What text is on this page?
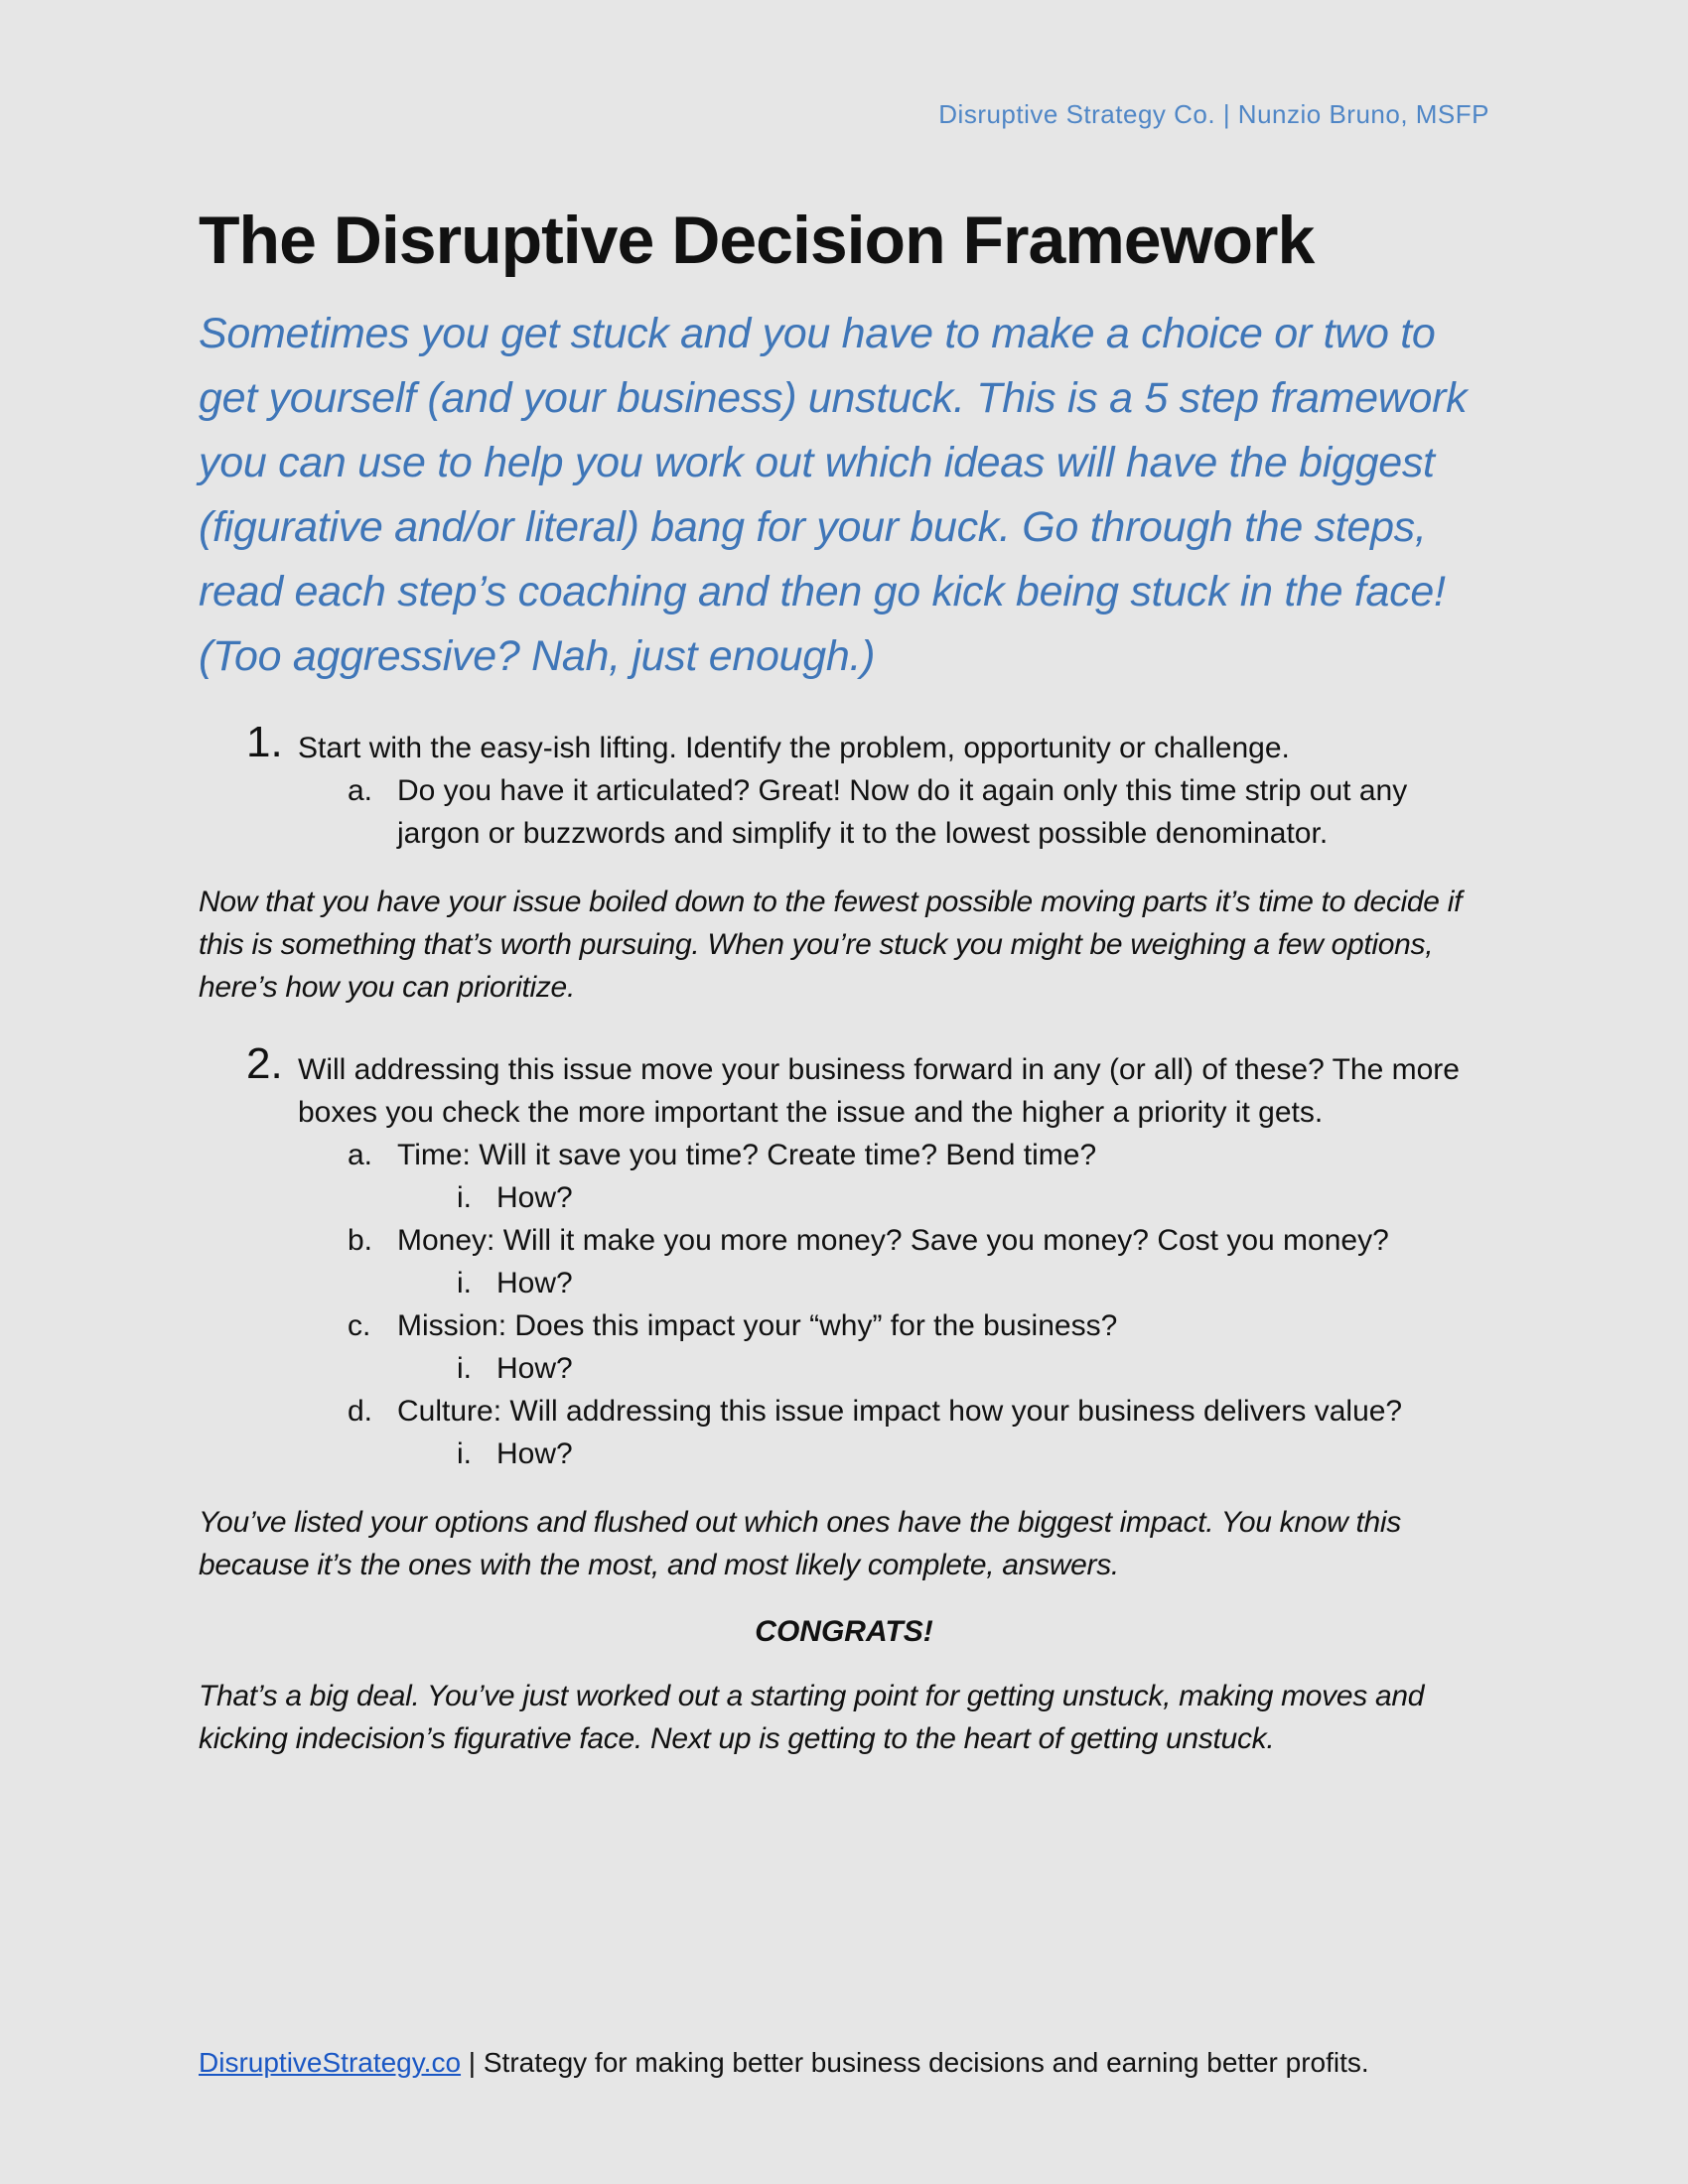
Disruptive Strategy Co. | Nunzio Bruno, MSFP
The Disruptive Decision Framework

Sometimes you get stuck and you have to make a choice or two to get yourself (and your business) unstuck. This is a 5 step framework you can use to help you work out which ideas will have the biggest (figurative and/or literal) bang for your buck. Go through the steps, read each step’s coaching and then go kick being stuck in the face! (Too aggressive? Nah, just enough.)

1. Start with the easy-ish lifting. Identify the problem, opportunity or challenge.
a. Do you have it articulated? Great! Now do it again only this time strip out any jargon or buzzwords and simplify it to the lowest possible denominator.

Now that you have your issue boiled down to the fewest possible moving parts it’s time to decide if this is something that’s worth pursuing. When you’re stuck you might be weighing a few options, here’s how you can prioritize.

2. Will addressing this issue move your business forward in any (or all) of these? The more boxes you check the more important the issue and the higher a priority it gets.
a. Time: Will it save you time? Create time? Bend time?
i. How?
b. Money: Will it make you more money? Save you money? Cost you money?
i. How?
c. Mission: Does this impact your “why” for the business?
i. How?
d. Culture: Will addressing this issue impact how your business delivers value?
i. How?

You’ve listed your options and flushed out which ones have the biggest impact. You know this because it’s the ones with the most, and most likely complete, answers.

CONGRATS!

That’s a big deal. You’ve just worked out a starting point for getting unstuck, making moves and kicking indecision’s figurative face. Next up is getting to the heart of getting unstuck.

DisruptiveStrategy.co | Strategy for making better business decisions and earning better profits.
